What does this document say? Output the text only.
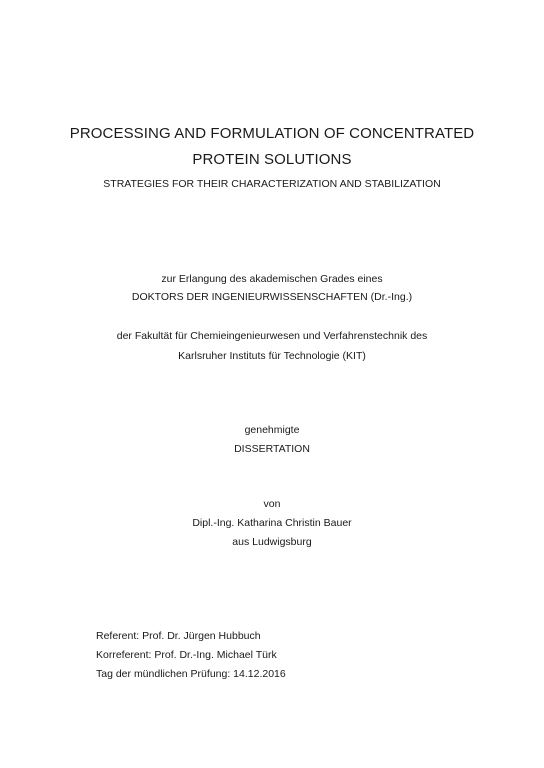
PROCESSING AND FORMULATION OF CONCENTRATED
PROTEIN SOLUTIONS
STRATEGIES FOR THEIR CHARACTERIZATION AND STABILIZATION
zur Erlangung des akademischen Grades eines
DOKTORS DER INGENIEURWISSENSCHAFTEN (Dr.-Ing.)
der Fakultät für Chemieingenieurwesen und Verfahrenstechnik des
Karlsruher Instituts für Technologie (KIT)
genehmigte
DISSERTATION
von
Dipl.-Ing. Katharina Christin Bauer
aus Ludwigsburg
Referent: Prof. Dr. Jürgen Hubbuch
Korreferent: Prof. Dr.-Ing. Michael Türk
Tag der mündlichen Prüfung: 14.12.2016
